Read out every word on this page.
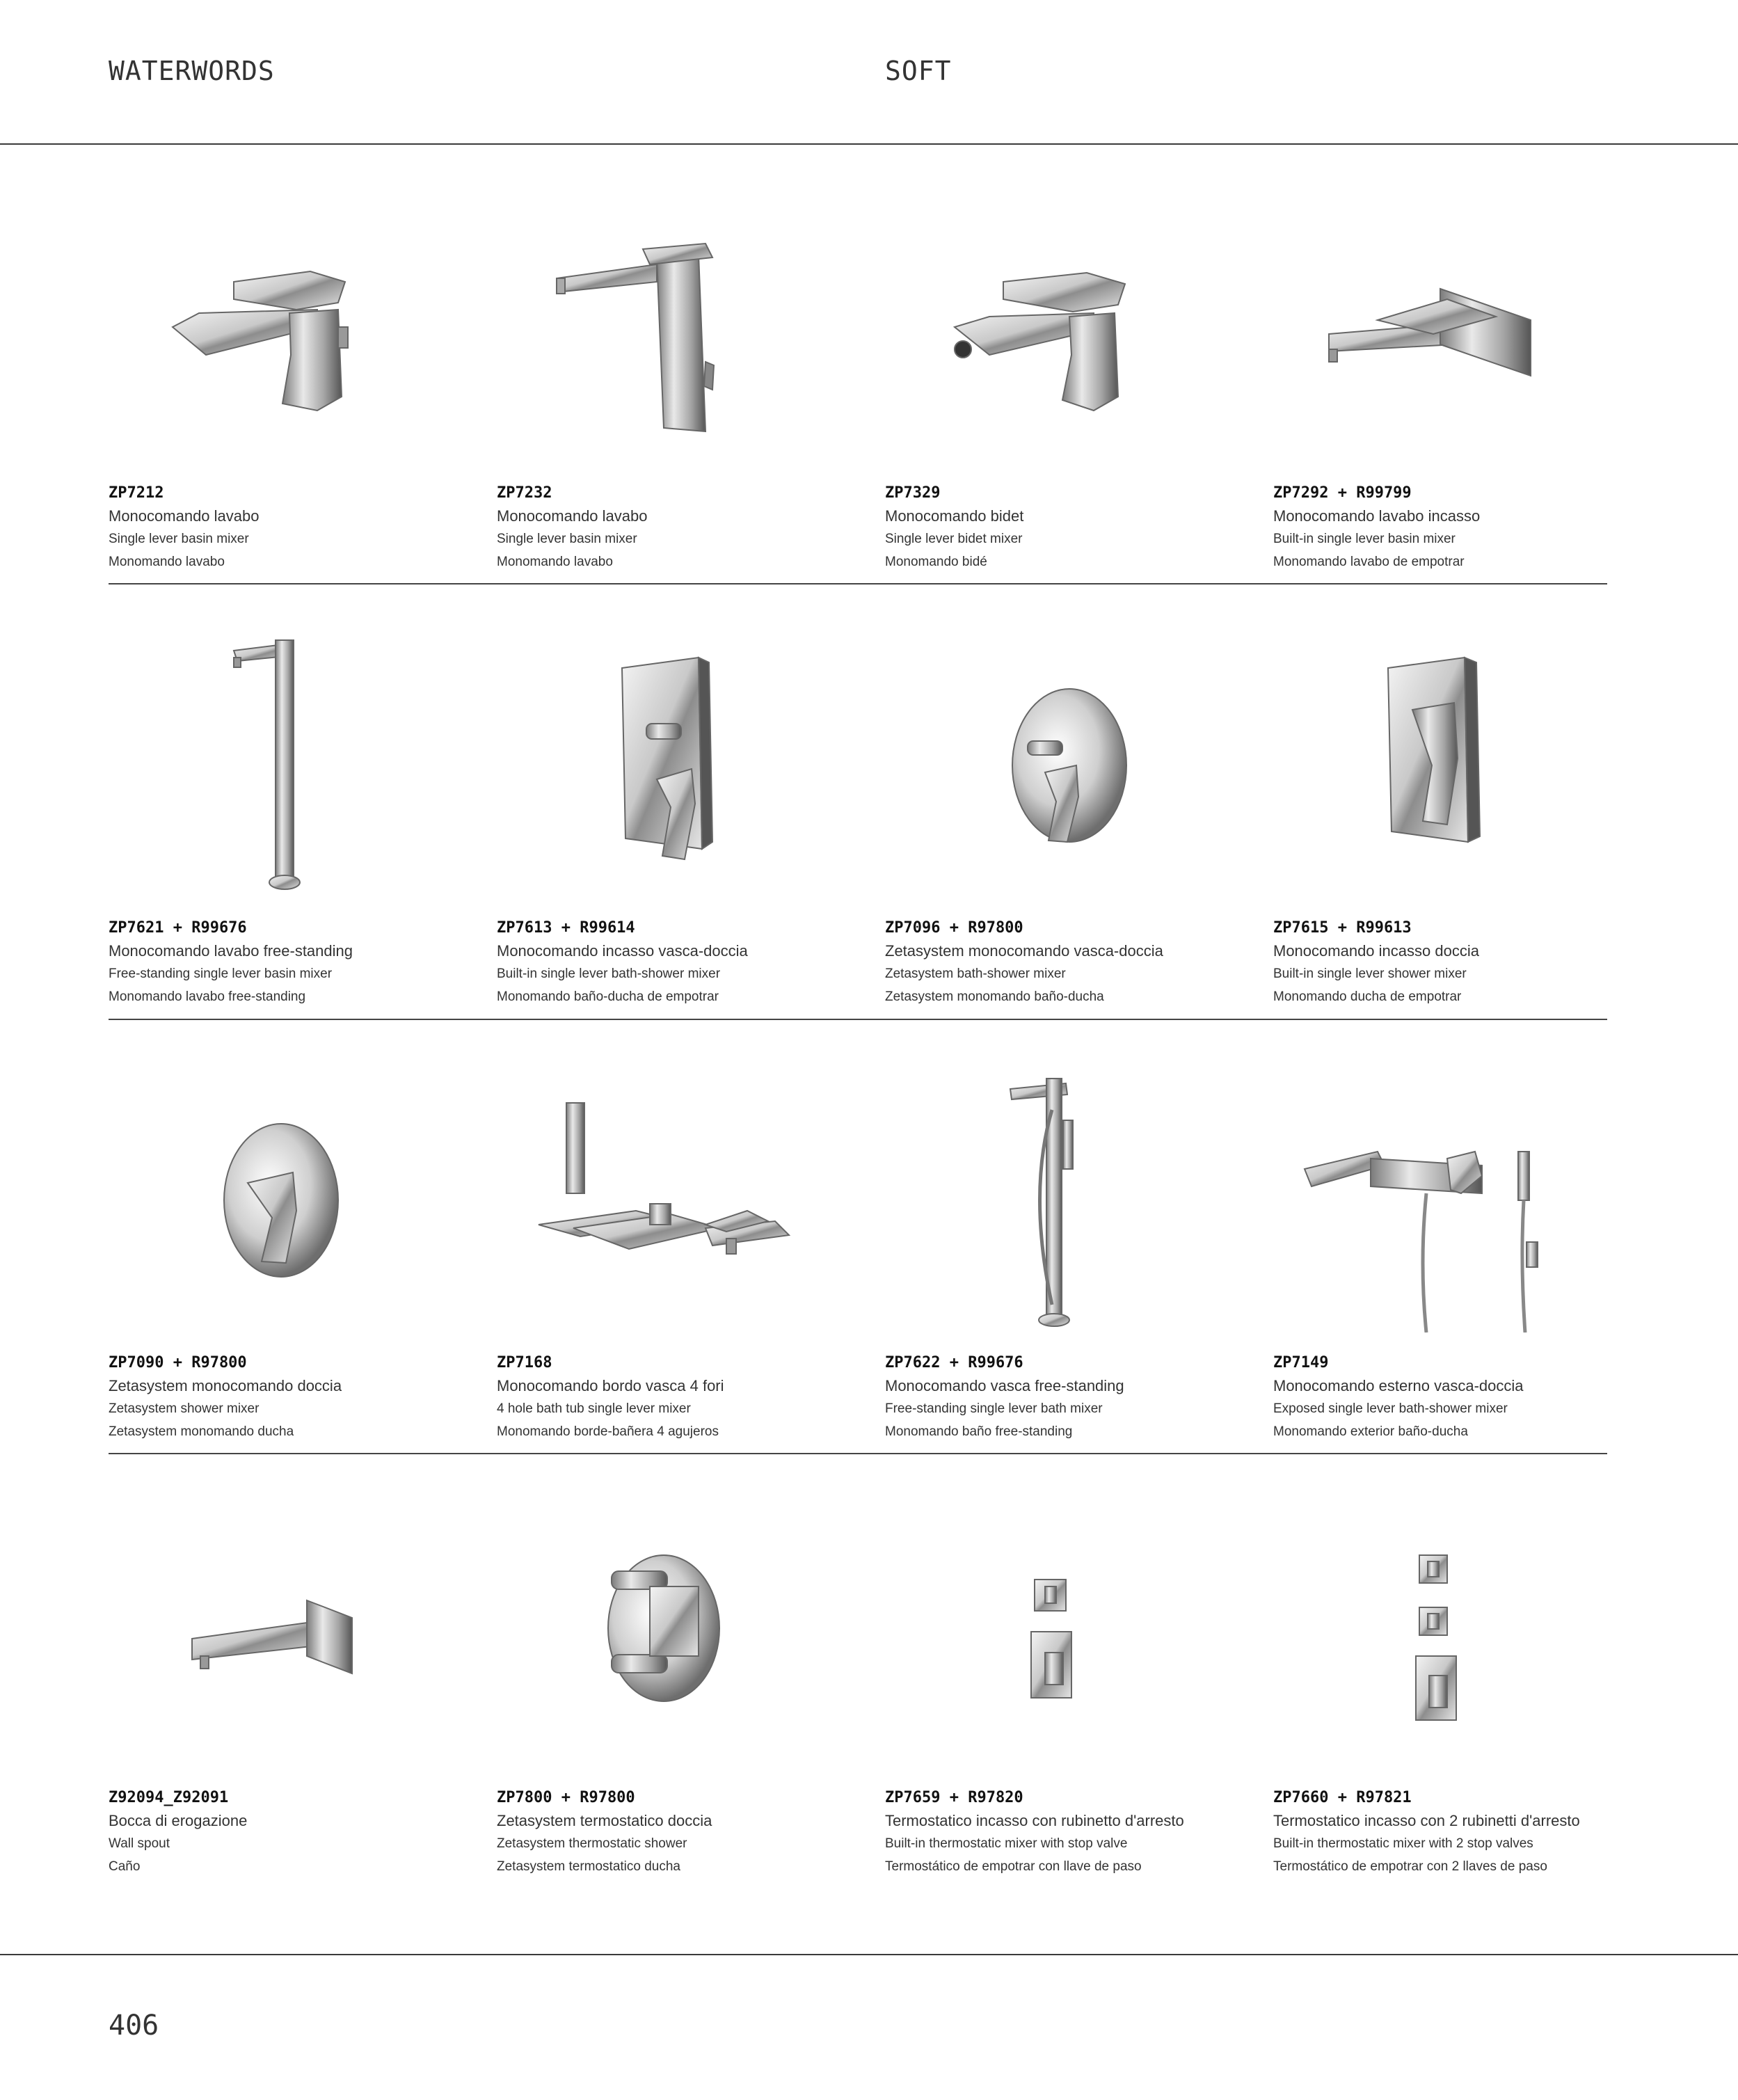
WATERWORDS	SOFT
ZP7212
Monocomando lavabo
Single lever basin mixer
Monomando lavabo
ZP7232
Monocomando lavabo
Single lever basin mixer
Monomando lavabo
ZP7329
Monocomando bidet
Single lever bidet mixer
Monomando bidé
ZP7292 + R99799
Monocomando lavabo incasso
Built-in single lever basin mixer
Monomando lavabo de empotrar
ZP7621 + R99676
Monocomando lavabo free-standing
Free-standing single lever basin mixer
Monomando lavabo free-standing
ZP7613 + R99614
Monocomando incasso vasca-doccia
Built-in single lever bath-shower mixer
Monomando baño-ducha de empotrar
ZP7096 + R97800
Zetasystem monocomando vasca-doccia
Zetasystem bath-shower mixer
Zetasystem monomando baño-ducha
ZP7615 + R99613
Monocomando incasso doccia
Built-in single lever shower mixer
Monomando ducha de empotrar
ZP7090 + R97800
Zetasystem monocomando doccia
Zetasystem shower mixer
Zetasystem monomando ducha
ZP7168
Monocomando bordo vasca 4 fori
4 hole bath tub single lever mixer
Monomando borde-bañera 4 agujeros
ZP7622 + R99676
Monocomando vasca free-standing
Free-standing single lever bath mixer
Monomando baño free-standing
ZP7149
Monocomando esterno vasca-doccia
Exposed single lever bath-shower mixer
Monomando exterior baño-ducha
Z92094_Z92091
Bocca di erogazione
Wall spout
Caño
ZP7800 + R97800
Zetasystem termostatico doccia
Zetasystem thermostatic shower
Zetasystem termostatico ducha
ZP7659 + R97820
Termostatico incasso con rubinetto d'arresto
Built-in thermostatic mixer with stop valve
Termostático de empotrar con llave de paso
ZP7660 + R97821
Termostatico incasso con 2 rubinetti d'arresto
Built-in thermostatic mixer with 2 stop valves
Termostático de empotrar con 2 llaves de paso
406
